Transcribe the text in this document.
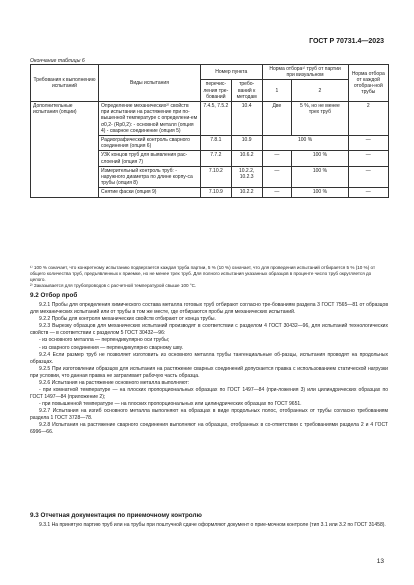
ГОСТ Р 70731.4—2023
Окончание таблицы 6
Требования к выполнению испытаний	Виды испытания	Номер пункта		Норма отбора¹⁾ труб от партии при визуальном		Норма отбора от каждой отобран-ной трубы
		перечис-ления тре-бований	требо-ваний к методам	1	2	
Дополнительные испытания (опции)	Определение механических²⁾ свойств при испытании на растяжение при по-вышенной температуре с определени-ем σ0,2- (Rp0,2): - основной металл (опция 4) - сварное соединение (опция 5)	7.4.5, 7.5.2	10.4	Две	5 %, но не менее трех труб	2
	Радиографический контроль сварного соединения (опция 6)	7.8.1	10.9	100 %		—
	УЗК концов труб для выявления рас-слоений (опция 7)	7.7.2	10.6.2	—	100 %	—
	Измерительный контроль труб: - наружного диаметра по длине корпу-са трубы (опция 8)	7.10.2	10.2.2, 10.2.3	—	100 %	—
	Снятие фаски (опция 9)	7.10.9	10.2.2	—	100 %	—

¹⁾ 100 % означает, что конкретному испытанию подвергается каждая труба партии, 5 % (10 %) означает, что для проведения испытаний отбирается 5 % (10 %) от общего количества труб, предъявленных к приемке, но не менее трех труб. Для полного испытания указанных образцов в проценте число труб округляется до целого.

²⁾ Заказывается для трубопроводов с расчетной температурой свыше 100 °С.

9.2 Отбор проб

9.2.1 Пробы для определения химического состава металла готовых труб отбирают согласно тре-бованиям раздела 3 ГОСТ 7565—81 от образцов для механических испытаний или от трубы в том же месте, где отбираются пробы для механических испытаний.

9.2.2 Пробы для контроля механических свойств отбирают от конца трубы.

9.2.3 Вырезку образцов для механических испытаний производят в соответствии с разделом 4 ГОСТ 30432—96, для испытаний технологических свойств — в соответствии с разделом 5 ГОСТ 30432—96:

- из основного металла — перпендикулярно оси трубы;

- из сварного соединения — перпендикулярно сварному шву.

9.2.4 Если размер труб не позволяет изготовить из основного металла трубы тангенциальные об-разцы, испытания проводят на продольных образцах.

9.2.5 При изготовлении образцов для испытания на растяжение сварных соединений допускается правка с использованием статической нагрузки при условии, что данная правка не затрагивает рабочую часть образца.

9.2.6 Испытания на растяжение основного металла выполняют:

- при комнатной температуре — на плоских пропорциональных образцах по ГОСТ 1497—84 (при-ложения 3) или цилиндрических образцах по ГОСТ 1497—84 (приложение 2);

- при повышенной температуре — на плоских пропорциональных или цилиндрических образцах по ГОСТ 9651.

9.2.7 Испытания на изгиб основного металла выполняют на образцах в виде продольных полос, отобранных от трубы согласно требованиям раздела 1 ГОСТ 3728—78.

9.2.8 Испытания на растяжение сварного соединения выполняют на образцах, отобранных в со-ответствии с требованиями раздела 2 и 4 ГОСТ 6996—66.

9.3 Отчетная документация по приемочному контролю

9.3.1 На принятую партию труб или на трубы при поштучной сдаче оформляют документ о прие-мочном контроле (тип 3.1 или 3.2 по ГОСТ 31458).

13
